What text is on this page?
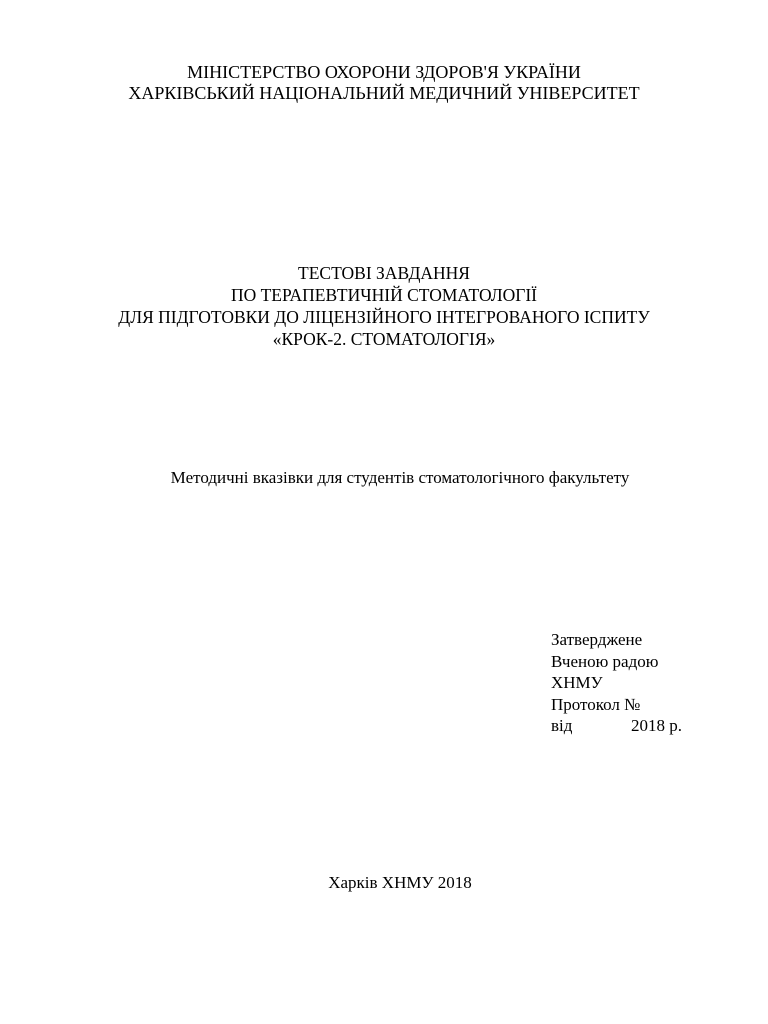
МІНІСТЕРСТВО ОХОРОНИ ЗДОРОВ'Я УКРАЇНИ
ХАРКІВСЬКИЙ НАЦІОНАЛЬНИЙ МЕДИЧНИЙ УНІВЕРСИТЕТ
ТЕСТОВІ ЗАВДАННЯ
ПО ТЕРАПЕВТИЧНІЙ СТОМАТОЛОГІЇ
ДЛЯ ПІДГОТОВКИ ДО ЛІЦЕНЗІЙНОГО ІНТЕГРОВАНОГО ІСПИТУ
«КРОК-2. СТОМАТОЛОГІЯ»
Методичні вказівки для студентів стоматологічного факультету
Затверджене
Вченою радою
ХНМУ
Протокол №
від	2018 р.
Харків ХНМУ 2018
